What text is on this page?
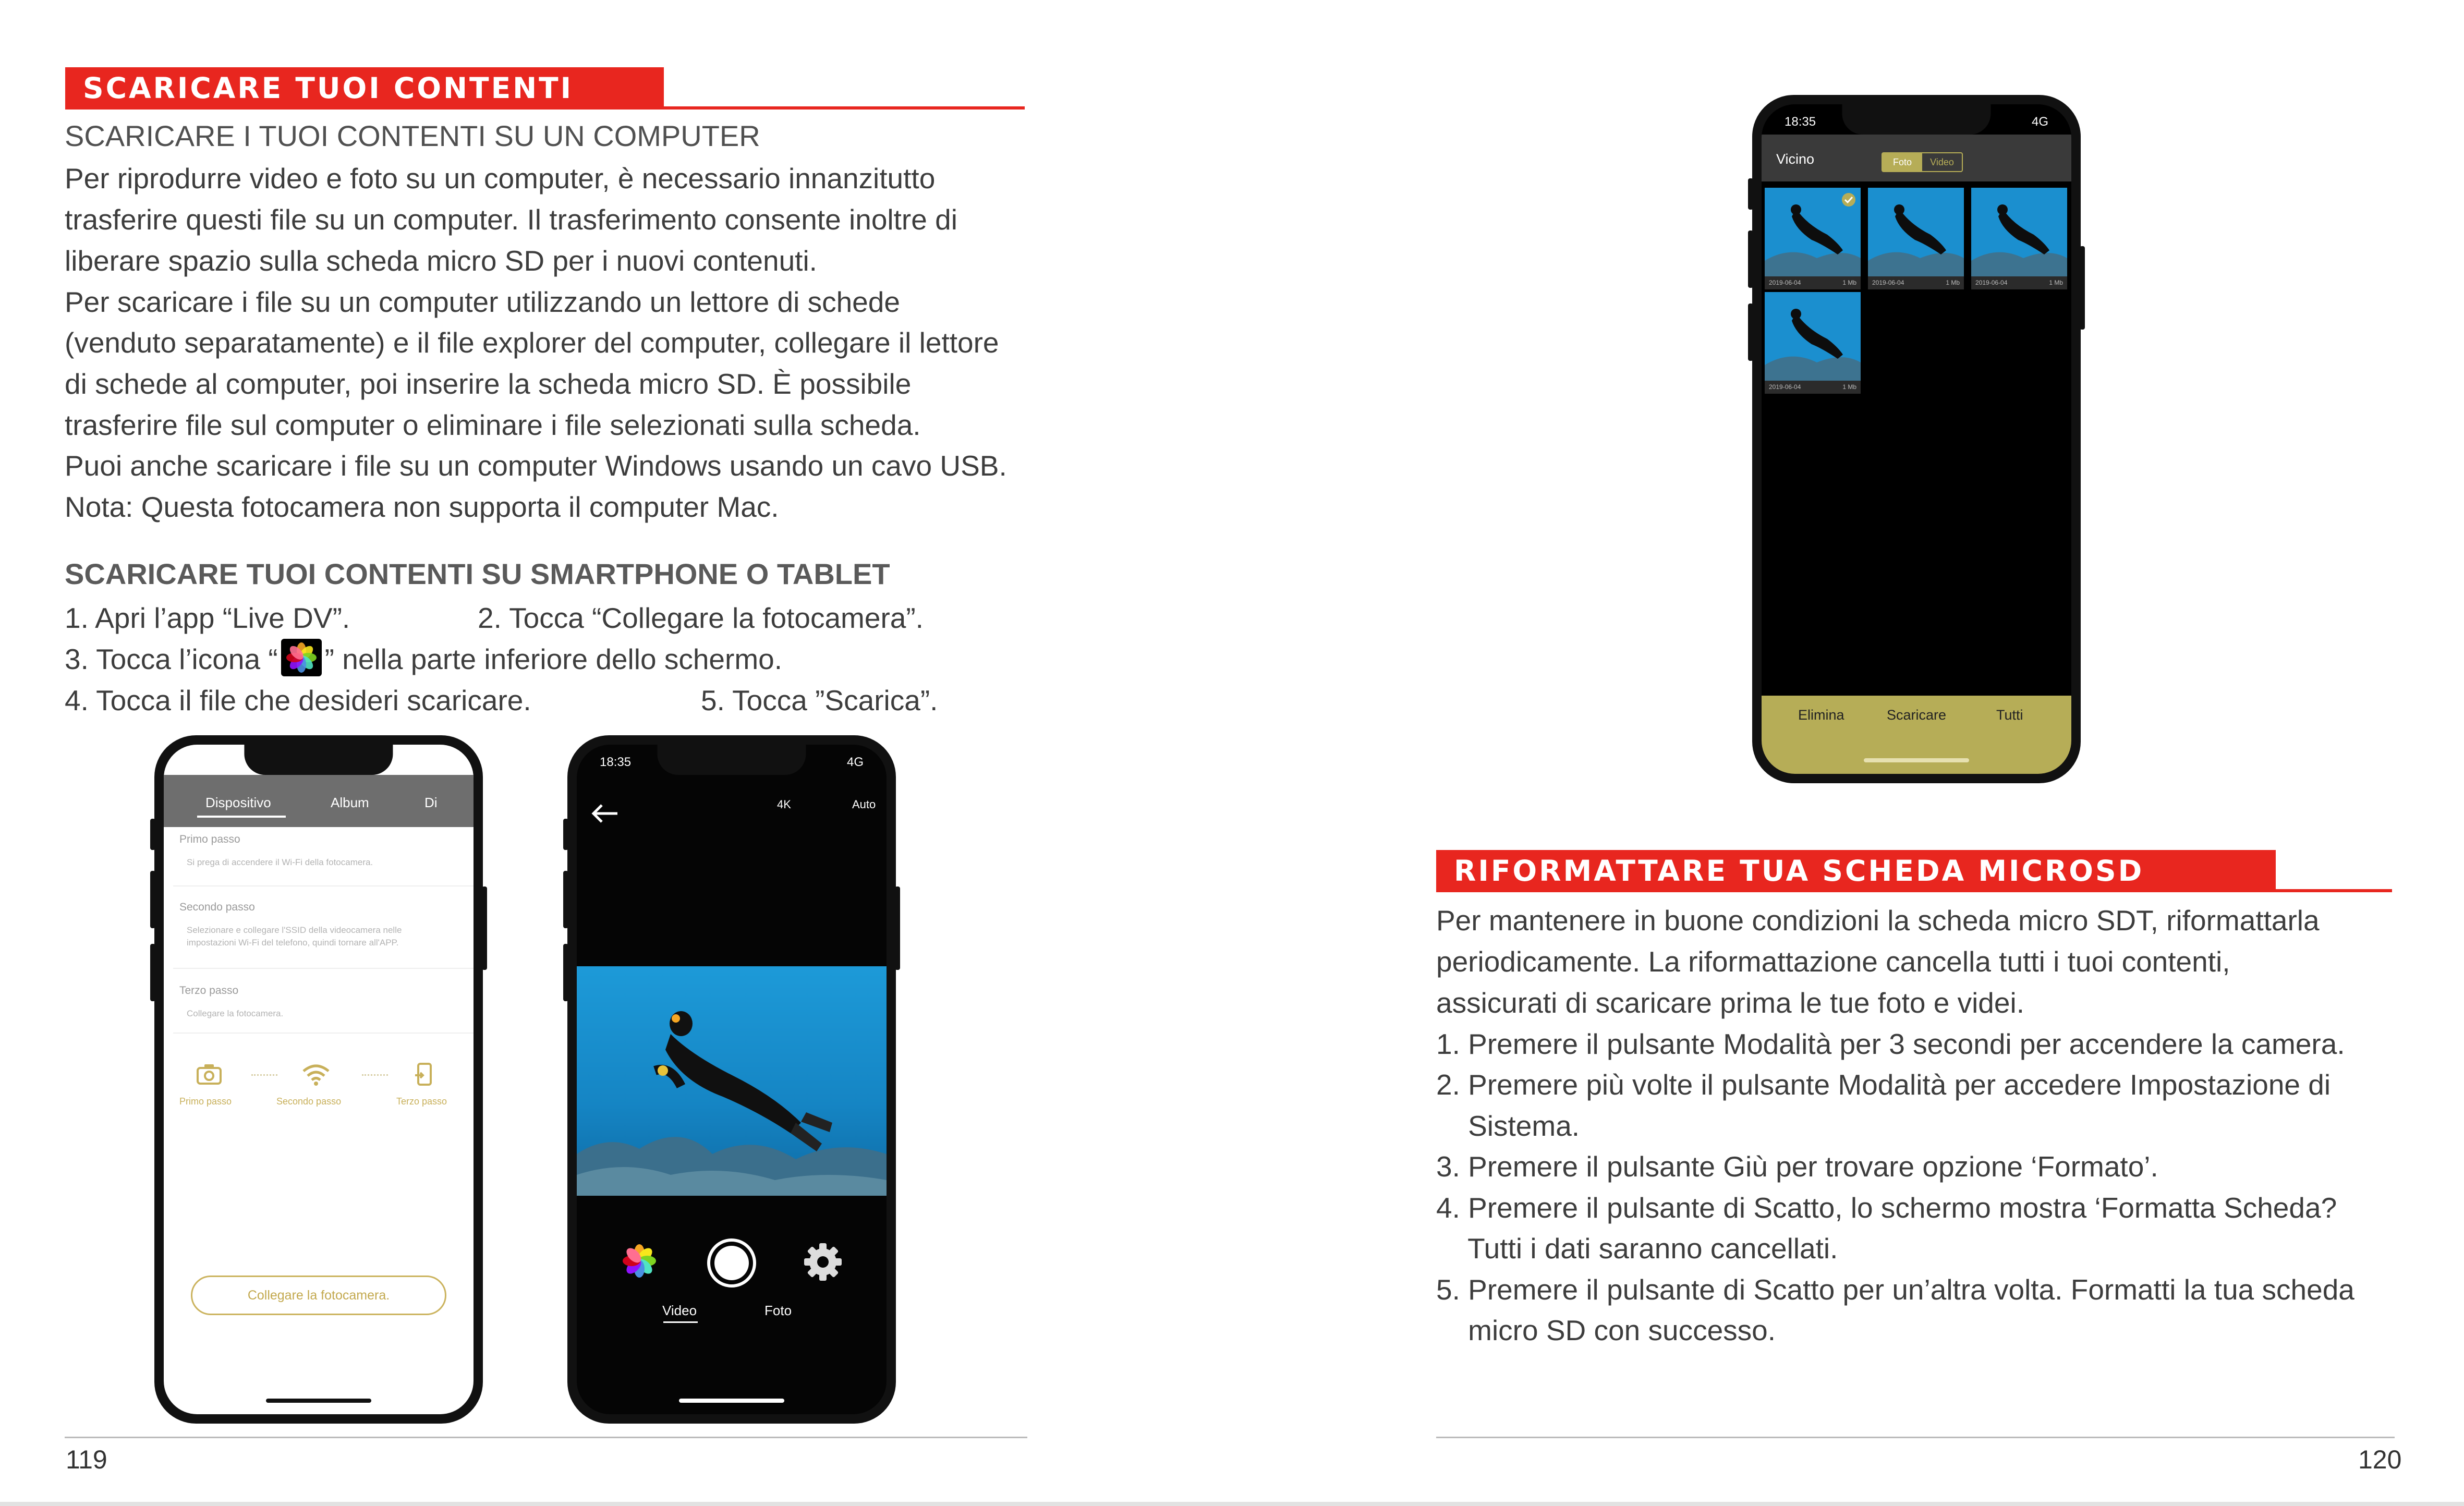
SCARICARE TUOI CONTENTI
SCARICARE I TUOI CONTENTI SU UN COMPUTER
Per riprodurre video e foto su un computer, è necessario innanzitutto
trasferire questi file su un computer. Il trasferimento consente inoltre di
liberare spazio sulla scheda micro SD per i nuovi contenuti.
Per scaricare i file su un computer utilizzando un lettore di schede
(venduto separatamente) e il file explorer del computer, collegare il lettore
di schede al computer, poi inserire la scheda micro SD. È possibile
trasferire file sul computer o eliminare i file selezionati sulla scheda.
Puoi anche scaricare i file su un computer Windows usando un cavo USB.
Nota: Questa fotocamera non supporta il computer Mac.
SCARICARE TUOI CONTENTI SU SMARTPHONE O TABLET
1. Apri l’app “Live DV”.	2. Tocca “Collegare la fotocamera”.
3. Tocca l’icona “ ” nella parte inferiore dello schermo.
4. Tocca il file che desideri scaricare.	5. Tocca ”Scarica”.
18:33	4G
Dispositivo	Album	Di
Primo passo
Si prega di accendere il Wi-Fi della fotocamera.
Secondo passo
Selezionare e collegare l'SSID della videocamera nelle impostazioni Wi-Fi del telefono, quindi tornare all'APP.
Terzo passo
Collegare la fotocamera.
Primo passo	Secondo passo	Terzo passo
Collegare la fotocamera.
18:35	4G
4K	Auto
Video	Foto
119
18:35	4G
Vicino	Foto	Video
2019-06-04	1 Mb	2019-06-04	1 Mb	2019-06-04	1 Mb
2019-06-04	1 Mb
Elimina	Scaricare	Tutti
RIFORMATTARE TUA SCHEDA MICROSD
Per mantenere in buone condizioni la scheda micro SDT, riformattarla
periodicamente. La riformattazione cancella tutti i tuoi contenti,
assicurati di scaricare prima le tue foto e videi.
1. Premere il pulsante Modalità per 3 secondi per accendere la camera.
2. Premere più volte il pulsante Modalità per accedere Impostazione di
Sistema.
3. Premere il pulsante Giù per trovare opzione ‘Formato’.
4. Premere il pulsante di Scatto, lo schermo mostra ‘Formatta Scheda?
Tutti i dati saranno cancellati.
5. Premere il pulsante di Scatto per un’altra volta. Formatti la tua scheda
micro SD con successo.
120
